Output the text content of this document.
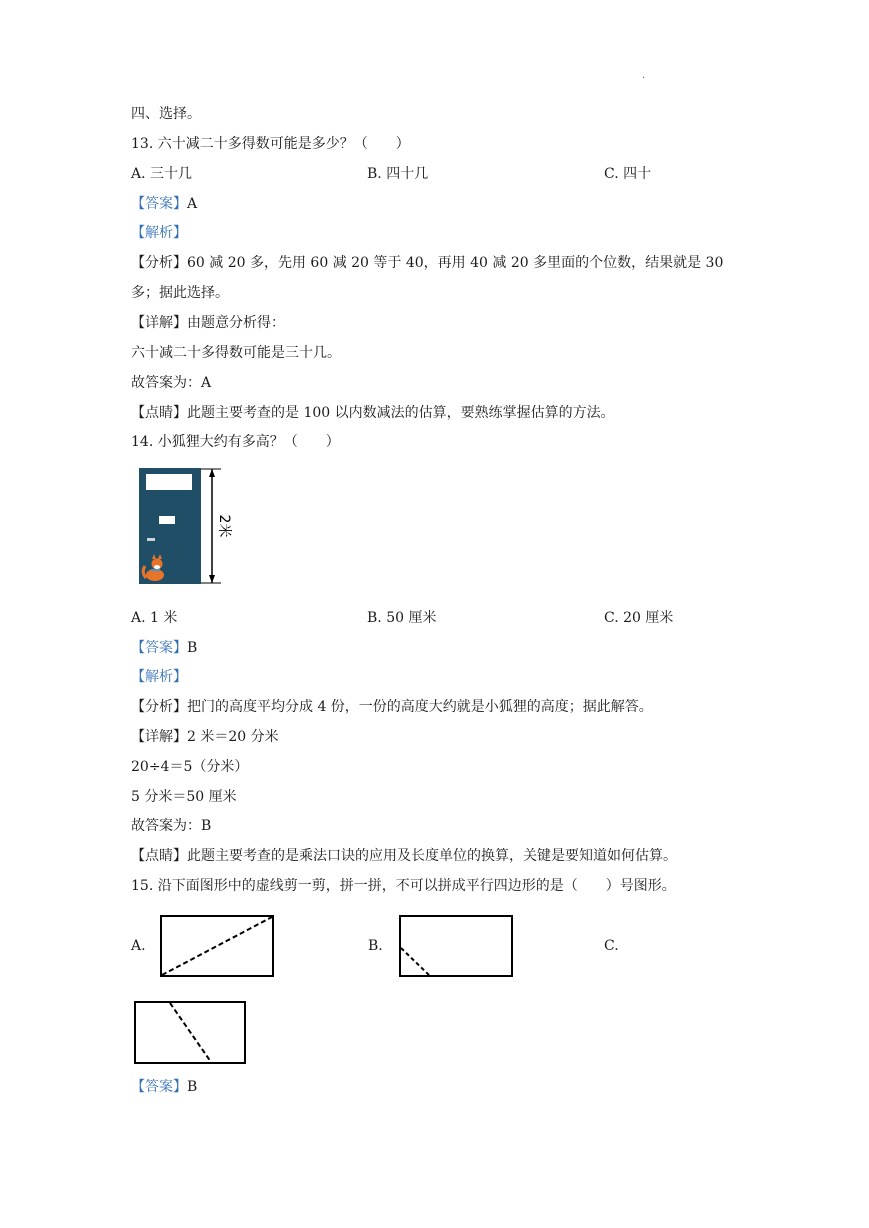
.
四、选择。
13. 六十减二十多得数可能是多少？（　　）
A. 三十几	B. 四十几	C. 四十
【答案】A
【解析】
【分析】60 减 20 多，先用 60 减 20 等于 40，再用 40 减 20 多里面的个位数，结果就是 30
多；据此选择。
【详解】由题意分析得：
六十减二十多得数可能是三十几。
故答案为：A
【点睛】此题主要考查的是 100 以内数减法的估算，要熟练掌握估算的方法。
14. 小狐狸大约有多高？（　　）
2米
A. 1 米	B. 50 厘米	C. 20 厘米
【答案】B
【解析】
【分析】把门的高度平均分成 4 份，一份的高度大约就是小狐狸的高度；据此解答。
【详解】2 米＝20 分米
20÷4＝5（分米）
5 分米＝50 厘米
故答案为：B
【点睛】此题主要考查的是乘法口诀的应用及长度单位的换算，关键是要知道如何估算。
15. 沿下面图形中的虚线剪一剪，拼一拼，不可以拼成平行四边形的是（　　）号图形。
A.	B.	C.
【答案】B
